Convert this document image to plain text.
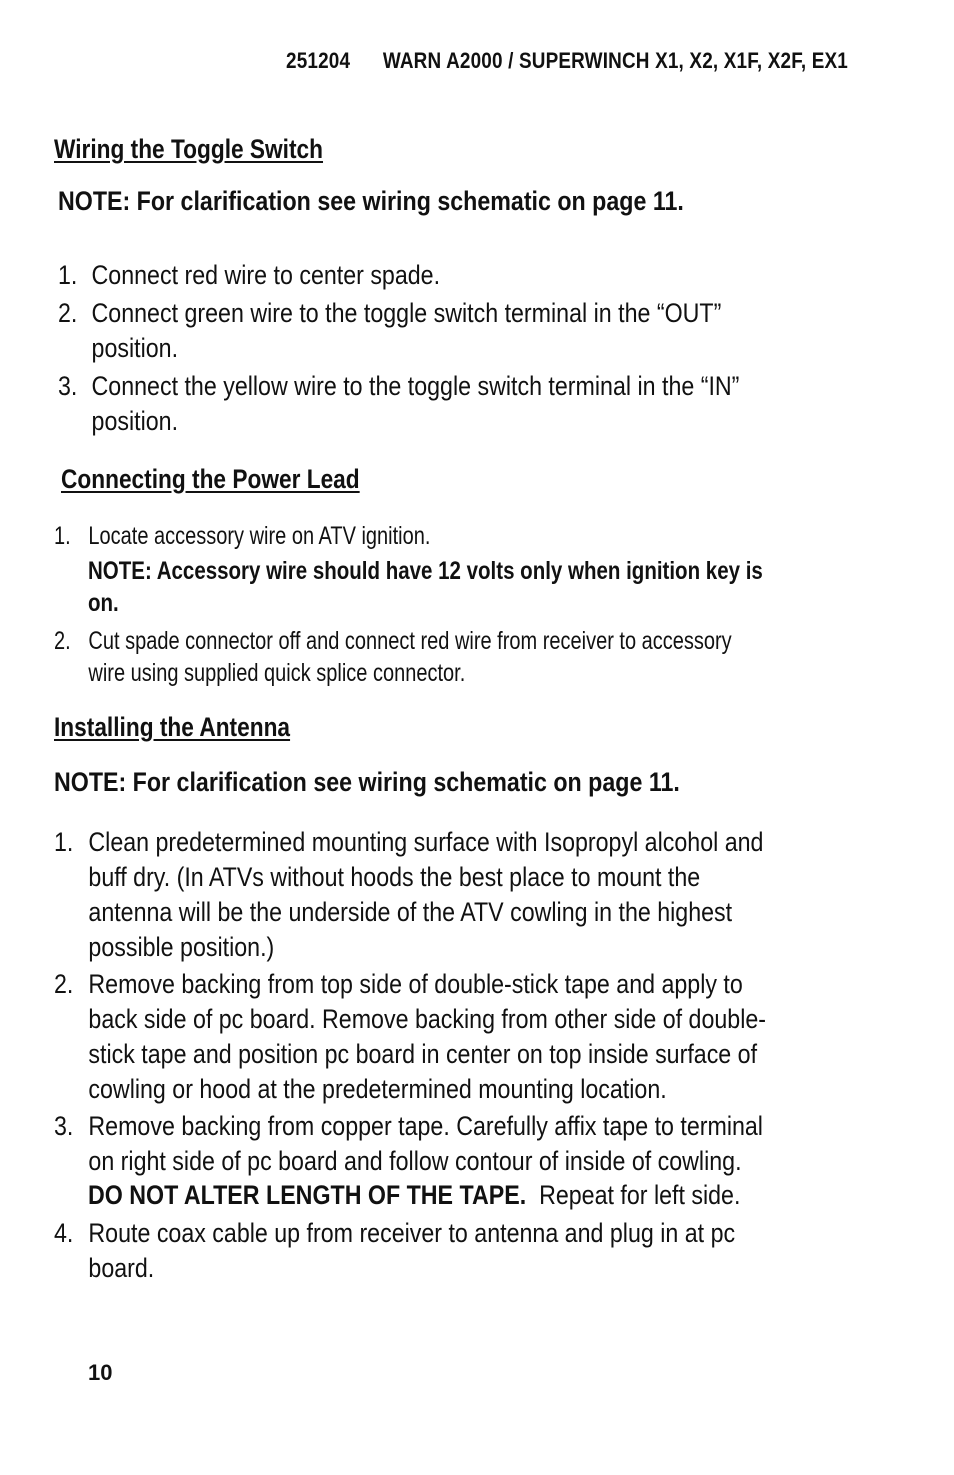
251204 WARN A2000 / SUPERWINCH X1, X2, X1F, X2F, EX1
Wiring the Toggle Switch
NOTE: For clarification see wiring schematic on page 11.
1. Connect red wire to center spade.
2. Connect green wire to the toggle switch terminal in the “OUT”
position.
3. Connect the yellow wire to the toggle switch terminal in the “IN”
position.
Connecting the Power Lead
1. Locate accessory wire on ATV ignition.
NOTE: Accessory wire should have 12 volts only when ignition key is
on.
2. Cut spade connector off and connect red wire from receiver to accessory
wire using supplied quick splice connector.
Installing the Antenna
NOTE: For clarification see wiring schematic on page 11.
1. Clean predetermined mounting surface with Isopropyl alcohol and
buff dry. (In ATVs without hoods the best place to mount the
antenna will be the underside of the ATV cowling in the highest
possible position.)
2. Remove backing from top side of double-stick tape and apply to
back side of pc board. Remove backing from other side of double-
stick tape and position pc board in center on top inside surface of
cowling or hood at the predetermined mounting location.
3. Remove backing from copper tape. Carefully affix tape to terminal
on right side of pc board and follow contour of inside of cowling.
DO NOT ALTER LENGTH OF THE TAPE. Repeat for left side.
4. Route coax cable up from receiver to antenna and plug in at pc
board.
10
